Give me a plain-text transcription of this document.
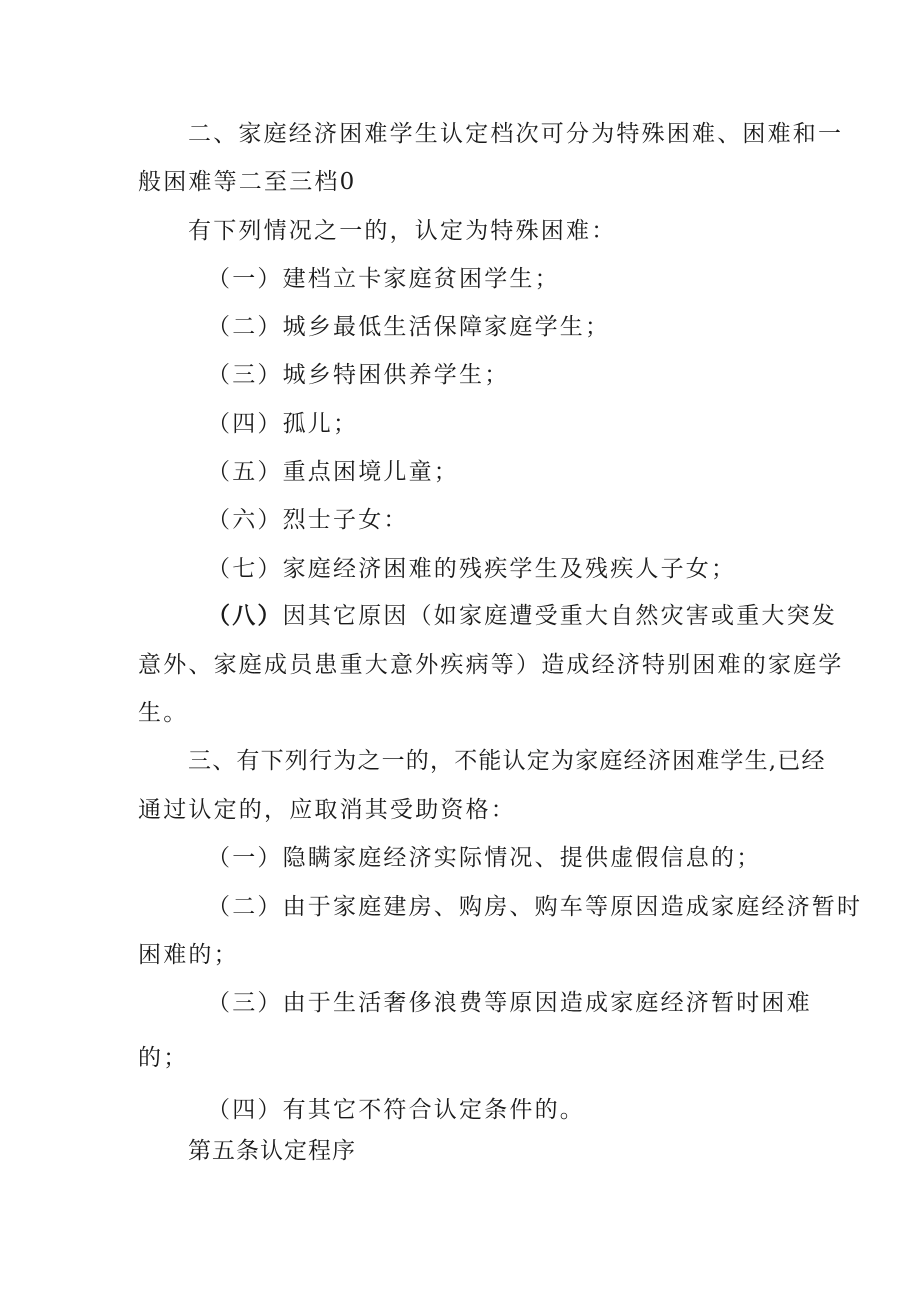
二、家庭经济困难学生认定档次可分为特殊困难、困难和一
般困难等二至三档0
有下列情况之一的，认定为特殊困难：
（一）建档立卡家庭贫困学生；
（二）城乡最低生活保障家庭学生；
（三）城乡特困供养学生；
（四）孤儿；
（五）重点困境儿童；
（六）烈士子女：
（七）家庭经济困难的残疾学生及残疾人子女；
（八）因其它原因（如家庭遭受重大自然灾害或重大突发
意外、家庭成员患重大意外疾病等）造成经济特别困难的家庭学
生。
三、有下列行为之一的，不能认定为家庭经济困难学生,已经
通过认定的，应取消其受助资格：
（一）隐瞒家庭经济实际情况、提供虚假信息的；
（二）由于家庭建房、购房、购车等原因造成家庭经济暂时
困难的；
（三）由于生活奢侈浪费等原因造成家庭经济暂时困难
的；
（四）有其它不符合认定条件的。
第五条认定程序
